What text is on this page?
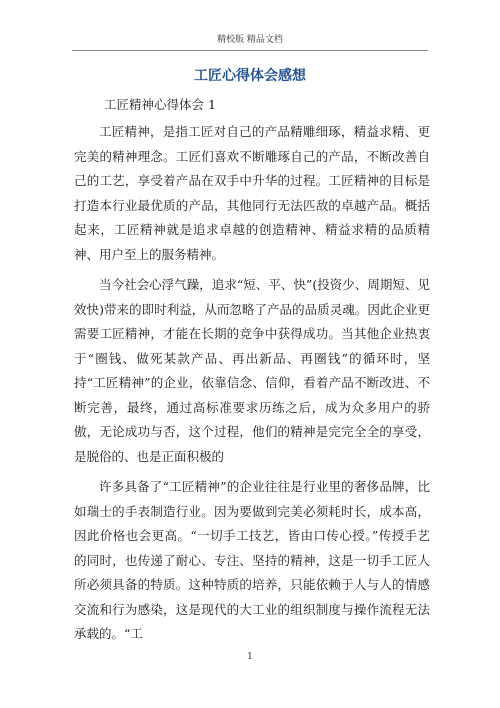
精校版 精品文档
工匠心得体会感想
工匠精神心得体会 1

工匠精神，是指工匠对自己的产品精雕细琢，精益求精、更完美的精神理念。工匠们喜欢不断雕琢自己的产品，不断改善自己的工艺，享受着产品在双手中升华的过程。工匠精神的目标是打造本行业最优质的产品，其他同行无法匹敌的卓越产品。概括起来，工匠精神就是追求卓越的创造精神、精益求精的品质精神、用户至上的服务精神。

当今社会心浮气躁，追求“短、平、快”(投资少、周期短、见效快)带来的即时利益，从而忽略了产品的品质灵魂。因此企业更需要工匠精神，才能在长期的竞争中获得成功。当其他企业热衷于“圈钱、做死某款产品、再出新品、再圈钱”的循环时，坚持“工匠精神”的企业，依靠信念、信仰，看着产品不断改进、不断完善，最终，通过高标准要求历练之后，成为众多用户的骄傲，无论成功与否，这个过程，他们的精神是完完全全的享受，是脱俗的、也是正面积极的

许多具备了“工匠精神”的企业往往是行业里的奢侈品牌，比如瑞士的手表制造行业。因为要做到完美必须耗时长，成本高，因此价格也会更高。“一切手工技艺，皆由口传心授。”传授手艺的同时，也传递了耐心、专注、坚持的精神，这是一切手工匠人所必须具备的特质。这种特质的培养，只能依赖于人与人的情感交流和行为感染，这是现代的大工业的组织制度与操作流程无法承载的。“工

1
